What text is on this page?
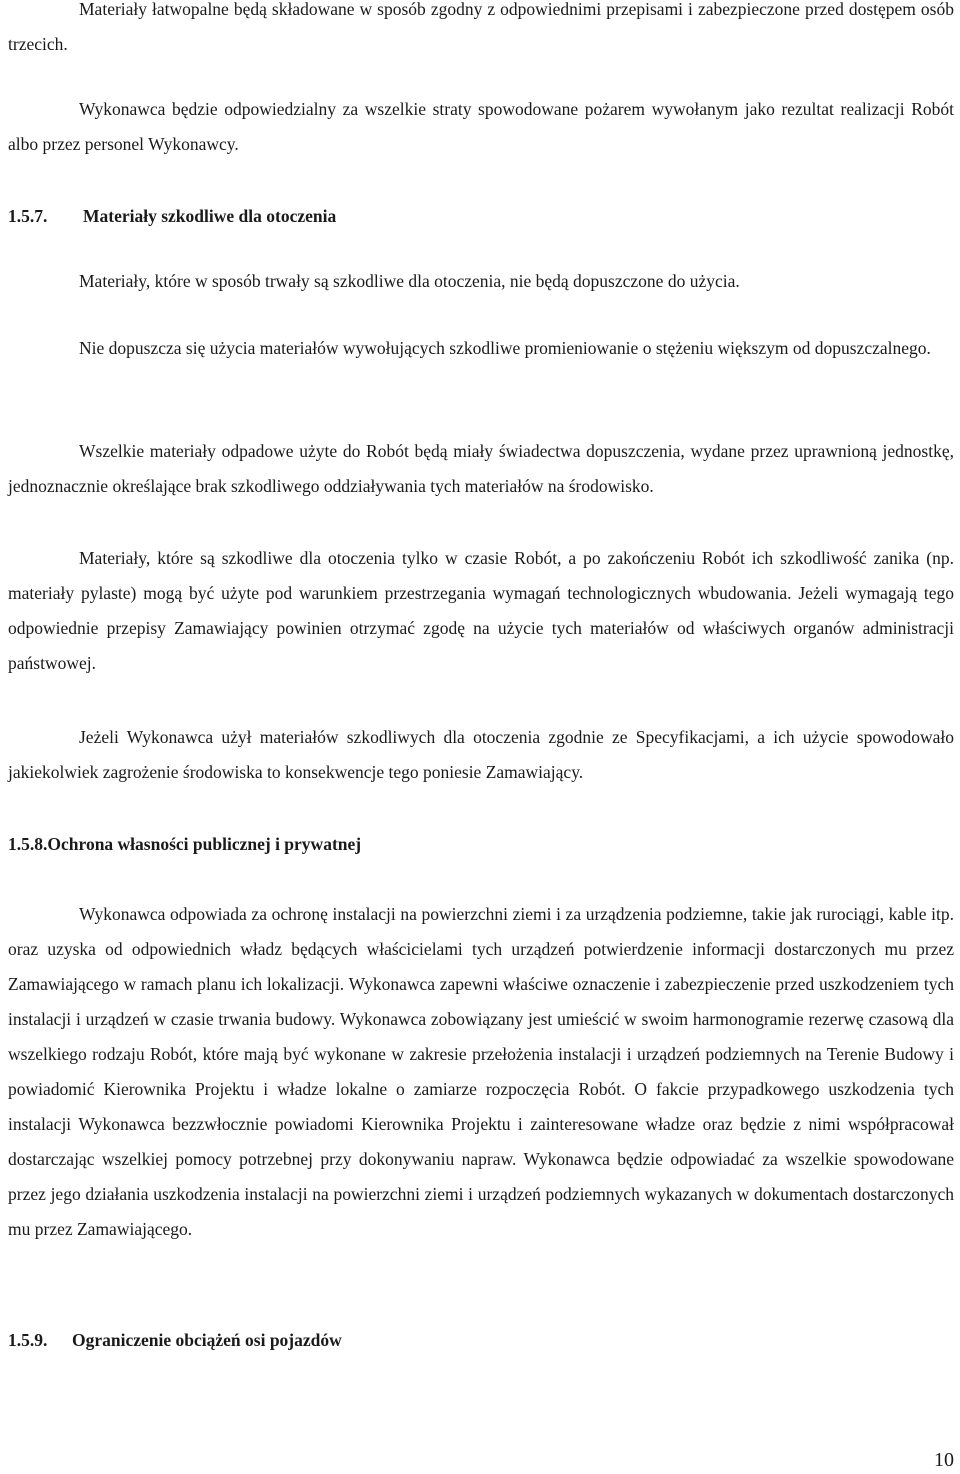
Materiały łatwopalne będą składowane w sposób zgodny z odpowiednimi przepisami i zabezpieczone przed dostępem osób trzecich.

Wykonawca będzie odpowiedzialny za wszelkie straty spowodowane pożarem wywołanym jako rezultat realizacji Robót albo przez personel Wykonawcy.

1.5.7. Materiały szkodliwe dla otoczenia

Materiały, które w sposób trwały są szkodliwe dla otoczenia, nie będą dopuszczone do użycia.

Nie dopuszcza się użycia materiałów wywołujących szkodliwe promieniowanie o stężeniu większym od dopuszczalnego.

Wszelkie materiały odpadowe użyte do Robót będą miały świadectwa dopuszczenia, wydane przez uprawnioną jednostkę, jednoznacznie określające brak szkodliwego oddziaływania tych materiałów na środowisko.

Materiały, które są szkodliwe dla otoczenia tylko w czasie Robót, a po zakończeniu Robót ich szkodliwość zanika (np. materiały pylaste) mogą być użyte pod warunkiem przestrzegania wymagań technologicznych wbudowania. Jeżeli wymagają tego odpowiednie przepisy Zamawiający powinien otrzymać zgodę na użycie tych materiałów od właściwych organów administracji państwowej.

Jeżeli Wykonawca użył materiałów szkodliwych dla otoczenia zgodnie ze Specyfikacjami, a ich użycie spowodowało jakiekolwiek zagrożenie środowiska to konsekwencje tego poniesie Zamawiający.

1.5.8.Ochrona własności publicznej i prywatnej

Wykonawca odpowiada za ochronę instalacji na powierzchni ziemi i za urządzenia podziemne, takie jak rurociągi, kable itp. oraz uzyska od odpowiednich władz będących właścicielami tych urządzeń potwierdzenie informacji dostarczonych mu przez Zamawiającego w ramach planu ich lokalizacji. Wykonawca zapewni właściwe oznaczenie i zabezpieczenie przed uszkodzeniem tych instalacji i urządzeń w czasie trwania budowy. Wykonawca zobowiązany jest umieścić w swoim harmonogramie rezerwę czasową dla wszelkiego rodzaju Robót, które mają być wykonane w zakresie przełożenia instalacji i urządzeń podziemnych na Terenie Budowy i powiadomić Kierownika Projektu i władze lokalne o zamiarze rozpoczęcia Robót. O fakcie przypadkowego uszkodzenia tych instalacji Wykonawca bezzwłocznie powiadomi Kierownika Projektu i zainteresowane władze oraz będzie z nimi współpracował dostarczając wszelkiej pomocy potrzebnej przy dokonywaniu napraw. Wykonawca będzie odpowiadać za wszelkie spowodowane przez jego działania uszkodzenia instalacji na powierzchni ziemi i urządzeń podziemnych wykazanych w dokumentach dostarczonych mu przez Zamawiającego.

1.5.9. Ograniczenie obciążeń osi pojazdów
10
